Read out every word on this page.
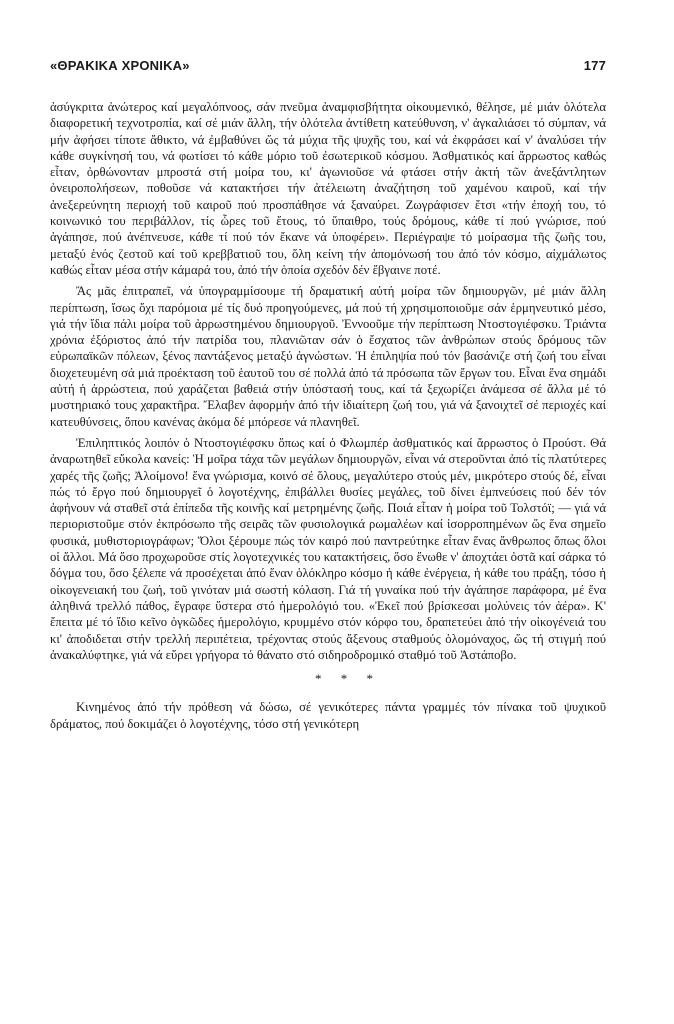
«ΘΡΑΚΙΚΑ ΧΡΟΝΙΚΑ»	177

ἀσύγκριτα ἀνώτερος καί μεγαλόπνοος, σάν πνεῦμα ἀναμφισβήτητα οἰκουμενικό, θέλησε, μέ μιάν ὁλότελα διαφορετική τεχνοτροπία, καί σέ μιάν ἄλλη, τήν ὁλότελα ἀντίθετη κατεύθυνση, ν' ἀγκαλιάσει τό σύμπαν, νά μήν ἀφήσει τίποτε ἄθικτο, νά ἐμβαθύνει ὥς τά μύχια τῆς ψυχῆς του, καί νά ἐκφράσει καί ν' ἀναλύσει τήν κάθε συγκίνησή του, νά φωτίσει τό κάθε μόριο τοῦ ἐσωτερικοῦ κόσμου. Ἀσθματικός καί ἄρρωστος καθώς εἶταν, ὀρθώνονταν μπροστά στή μοίρα του, κι' ἀγωνιοῦσε νά φτάσει στήν ἀκτή τῶν ἀνεξάντλητων ὀνειροπολήσεων, ποθοῦσε νά κατακτήσει τήν ἀτέλειωτη ἀναζήτηση τοῦ χαμένου καιροῦ, καί τήν ἀνεξερεύνητη περιοχή τοῦ καιροῦ πού προσπάθησε νά ξαναύρει. Ζωγράφισεν ἔτσι «τήν ἐποχή του, τό κοινωνικό του περιβάλλον, τίς ὧρες τοῦ ἔτους, τό ὕπαιθρο, τούς δρόμους, κάθε τί πού γνώρισε, πού ἀγάπησε, πού ἀνέπνευσε, κάθε τί πού τόν ἔκανε νά ὑποφέρει». Περιέγραψε τό μοίρασμα τῆς ζωῆς του, μεταξύ ἑνός ζεστοῦ καί τοῦ κρεββατιοῦ του, ὅλη κείνη τήν ἀπομόνωσή του ἀπό τόν κόσμο, αἰχμάλωτος καθώς εἶταν μέσα στήν κάμαρά του, ἀπό τήν ὁποία σχεδόν δέν ἔβγαινε ποτέ.

Ἄς μᾶς ἐπιτραπεῖ, νά ὑπογραμμίσουμε τή δραματική αὐτή μοίρα τῶν δημιουργῶν, μέ μιάν ἄλλη περίπτωση, ἴσως ὄχι παρόμοια μέ τίς δυό προηγούμενες, μά πού τή χρησιμοποιοῦμε σάν ἑρμηνευτικό μέσο, γιά τήν ἴδια πάλι μοίρα τοῦ ἀρρωστημένου δημιουργοῦ. Ἐννοοῦμε τήν περίπτωση Ντοστογιέφσκυ. Τριάντα χρόνια ἐξόριστος ἀπό τήν πατρίδα του, πλανιῶταν σάν ὁ ἔσχατος τῶν ἀνθρώπων στούς δρόμους τῶν εὐρωπαϊκῶν πόλεων, ξένος παντάξενος μεταξύ ἀγνώστων. Ἡ ἐπιληψία πού τόν βασάνιζε στή ζωή του εἶναι διοχετευμένη σά μιά προέκταση τοῦ ἑαυτοῦ του σέ πολλά ἀπό τά πρόσωπα τῶν ἔργων του. Εἶναι ἕνα σημάδι αὐτή ἡ ἀρρώστεια, πού χαράζεται βαθειά στήν ὑπόστασή τους, καί τά ξεχωρίζει ἀνάμεσα σέ ἄλλα μέ τό μυστηριακό τους χαρακτῆρα. Ἔλαβεν ἀφορμήν ἀπό τήν ἰδιαίτερη ζωή του, γιά νά ξανοιχτεῖ σέ περιοχές καί κατευθύνσεις, ὅπου κανένας ἀκόμα δέ μπόρεσε νά πλανηθεῖ.

Ἐπιληπτικός λοιπόν ὁ Ντοστογιέφσκυ ὅπως καί ὁ Φλωμπέρ ἀσθματικός καί ἄρρωστος ὁ Προύστ. Θά ἀναρωτηθεῖ εὔκολα κανείς: Ἡ μοῖρα τάχα τῶν μεγάλων δημιουργῶν, εἶναι νά στεροῦνται ἀπό τίς πλατύτερες χαρές τῆς ζωῆς; Ἀλοίμονο! ἕνα γνώρισμα, κοινό σέ ὅλους, μεγαλύτερο στούς μέν, μικρότερο στούς δέ, εἶναι πώς τό ἔργο πού δημιουργεῖ ὁ λογοτέχνης, ἐπιβάλλει θυσίες μεγάλες, τοῦ δίνει ἐμπνεύσεις πού δέν τόν ἀφήνουν νά σταθεῖ στά ἐπίπεδα τῆς κοινῆς καί μετρημένης ζωῆς. Ποιά εἶταν ἡ μοίρα τοῦ Τολστόϊ; — γιά νά περιοριστοῦμε στόν ἐκπρόσωπο τῆς σειρᾶς τῶν φυσιολογικά ρωμαλέων καί ἰσορροπημένων ὥς ἕνα σημεῖο φυσικά, μυθιστοριογράφων; Ὅλοι ξέρουμε πώς τόν καιρό πού παντρεύτηκε εἶταν ἕνας ἄνθρωπος ὅπως ὅλοι οἱ ἄλλοι. Μά ὅσο προχωροῦσε στίς λογοτεχνικές του κατακτήσεις, ὅσο ἔνωθε ν' ἀποχτάει ὀστᾶ καί σάρκα τό δόγμα του, ὅσο ξέλεπε νά προσέχεται ἀπό ἕναν ὁλόκληρο κόσμο ἡ κάθε ἐνέργεια, ἡ κάθε του πράξη, τόσο ἡ οἰκογενειακή του ζωή, τοῦ γινόταν μιά σωστή κόλαση. Γιά τή γυναίκα πού τήν ἀγάπησε παράφορα, μέ ἕνα ἀληθινά τρελλό πάθος, ἔγραφε ὕστερα στό ἡμερολόγιό του. «Ἐκεῖ πού βρίσκεσαι μολύνεις τόν ἀέρα». Κ' ἔπειτα μέ τό ἴδιο κεῖνο ὀγκῶδες ἡμερολόγιο, κρυμμένο στόν κόρφο του, δραπετεύει ἀπό τήν οἰκογένειά του κι' ἀποδιδεται στήν τρελλή περιπέτεια, τρέχοντας στούς ἄξενους σταθμούς ὁλομόναχος, ὥς τή στιγμή πού ἀνακαλύφτηκε, γιά νά εὕρει γρήγορα τό θάνατο στό σιδηροδρομικό σταθμό τοῦ Ἀστάποβο.

* * *

Κινημένος ἀπό τήν πρόθεση νά δώσω, σέ γενικότερες πάντα γραμμές τόν πίνακα τοῦ ψυχικοῦ δράματος, πού δοκιμάζει ὁ λογοτέχνης, τόσο στή γενικότερη
